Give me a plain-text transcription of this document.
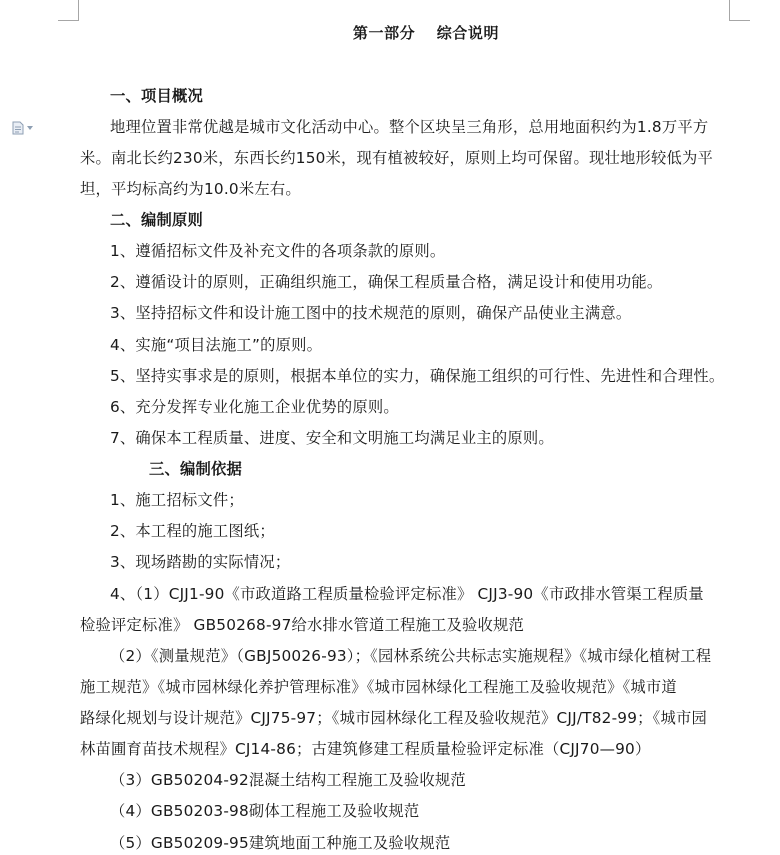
第一部分　 综合说明
一、项目概况
地理位置非常优越是城市文化活动中心。整个区块呈三角形，总用地面积约为1.8万平方
米。南北长约230米，东西长约150米，现有植被较好，原则上均可保留。现壮地形较低为平
坦，平均标高约为10.0米左右。
二、编制原则
1、遵循招标文件及补充文件的各项条款的原则。
2、遵循设计的原则，正确组织施工，确保工程质量合格，满足设计和使用功能。
3、坚持招标文件和设计施工图中的技术规范的原则，确保产品使业主满意。
4、实施“项目法施工”的原则。
5、坚持实事求是的原则，根据本单位的实力，确保施工组织的可行性、先进性和合理性。
6、充分发挥专业化施工企业优势的原则。
7、确保本工程质量、进度、安全和文明施工均满足业主的原则。
三、编制依据
1、施工招标文件；
2、本工程的施工图纸；
3、现场踏勘的实际情况；
4、（1）CJJ1-90《市政道路工程质量检验评定标准》 CJJ3-90《市政排水管渠工程质量
检验评定标准》 GB50268-97给水排水管道工程施工及验收规范
（2）《测量规范》（GBJ50026-93）；《园林系统公共标志实施规程》《城市绿化植树工程
施工规范》《城市园林绿化养护管理标准》《城市园林绿化工程施工及验收规范》《城市道
路绿化规划与设计规范》CJJ75-97；《城市园林绿化工程及验收规范》CJJ/T82-99；《城市园
林苗圃育苗技术规程》CJ14-86；古建筑修建工程质量检验评定标准（CJJ70—90）
（3）GB50204-92混凝土结构工程施工及验收规范
（4）GB50203-98砌体工程施工及验收规范
（5）GB50209-95建筑地面工种施工及验收规范
